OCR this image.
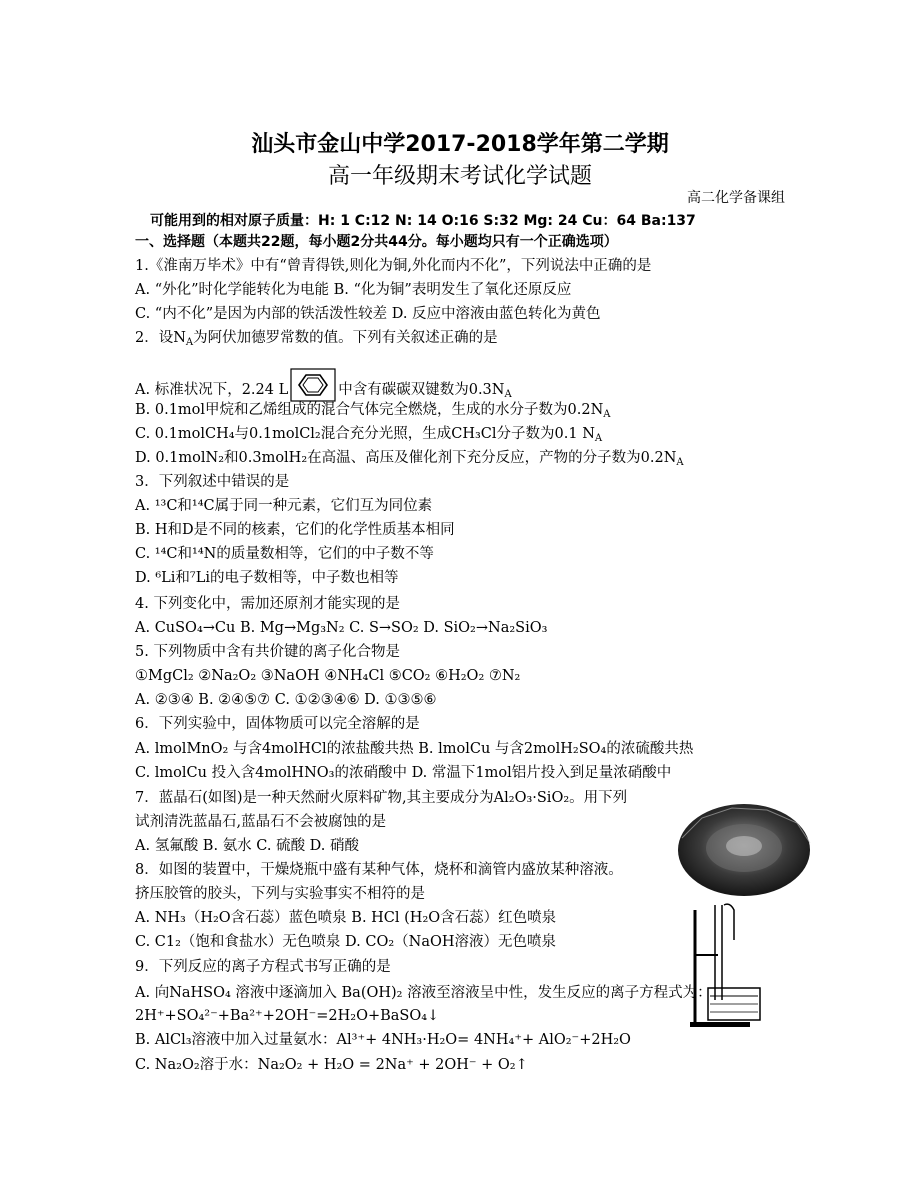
汕头市金山中学2017-2018学年第二学期
高一年级期末考试化学试题
高二化学备课组
可能用到的相对原子质量：H: 1 C:12 N: 14 O:16 S:32 Mg: 24 Cu：64 Ba:137
一、选择题（本题共22题，每小题2分共44分。每小题均只有一个正确选项）
1.《淮南万毕术》中有“曾青得铁,则化为铜,外化而内不化”，下列说法中正确的是
A. “外化”时化学能转化为电能 B. “化为铜”表明发生了氧化还原反应
C. “内不化”是因为内部的铁活泼性较差 D. 反应中溶液由蓝色转化为黄色
2．设$N_A$为阿伏加德罗常数的值。下列有关叙述正确的是
A. 标准状况下，2.24 L	中含有碳碳双键数为$0.3N_A$
B. 0.1mol甲烷和乙烯组成的混合气体完全燃烧，生成的水分子数为$0.2N_A$
C. 0.1molCH₄与0.1molCl₂混合充分光照，生成CH₃Cl分子数为0.1 $N_A$
D. 0.1molN₂和0.3molH₂在高温、高压及催化剂下充分反应，产物的分子数为$0.2N_A$
3．下列叙述中错误的是
A. ¹³C和¹⁴C属于同一种元素，它们互为同位素
B. H和D是不同的核素，它们的化学性质基本相同
C. ¹⁴C和¹⁴N的质量数相等，它们的中子数不等
D. ⁶Li和⁷Li的电子数相等，中子数也相等
4. 下列变化中，需加还原剂才能实现的是
A. CuSO₄→Cu B. Mg→Mg₃N₂ C. S→SO₂ D. SiO₂→Na₂SiO₃
5. 下列物质中含有共价键的离子化合物是
①MgCl₂ ②Na₂O₂ ③NaOH ④NH₄Cl ⑤CO₂ ⑥H₂O₂ ⑦N₂
A. ②③④ B. ②④⑤⑦ C. ①②③④⑥ D. ①③⑤⑥
6．下列实验中，固体物质可以完全溶解的是
A. lmolMnO₂ 与含4molHCl的浓盐酸共热 B. lmolCu 与含2molH₂SO₄的浓硫酸共热
C. lmolCu 投入含4molHNO₃的浓硝酸中 D. 常温下1mol铝片投入到足量浓硝酸中
7．蓝晶石(如图)是一种天然耐火原料矿物,其主要成分为Al₂O₃·SiO₂。用下列
试剂清洗蓝晶石,蓝晶石不会被腐蚀的是
A. 氢氟酸 B. 氨水 C. 硫酸 D. 硝酸
8．如图的装置中，干燥烧瓶中盛有某种气体，烧杯和滴管内盛放某种溶液。
挤压胶管的胶头，下列与实验事实不相符的是
A. NH₃（H₂O含石蕊）蓝色喷泉 B. HCl (H₂O含石蕊）红色喷泉
C. C1₂（饱和食盐水）无色喷泉 D. CO₂（NaOH溶液）无色喷泉
9．下列反应的离子方程式书写正确的是
A. 向NaHSO₄ 溶液中逐滴加入 Ba(OH)₂ 溶液至溶液呈中性，发生反应的离子方程式为：
2H⁺+SO₄²⁻+Ba²⁺+2OH⁻=2H₂O+BaSO₄↓
B. AlCl₃溶液中加入过量氨水：Al³⁺+ 4NH₃·H₂O= 4NH₄⁺+ AlO₂⁻+2H₂O
C. Na₂O₂溶于水：Na₂O₂ + H₂O = 2Na⁺ + 2OH⁻ + O₂↑
